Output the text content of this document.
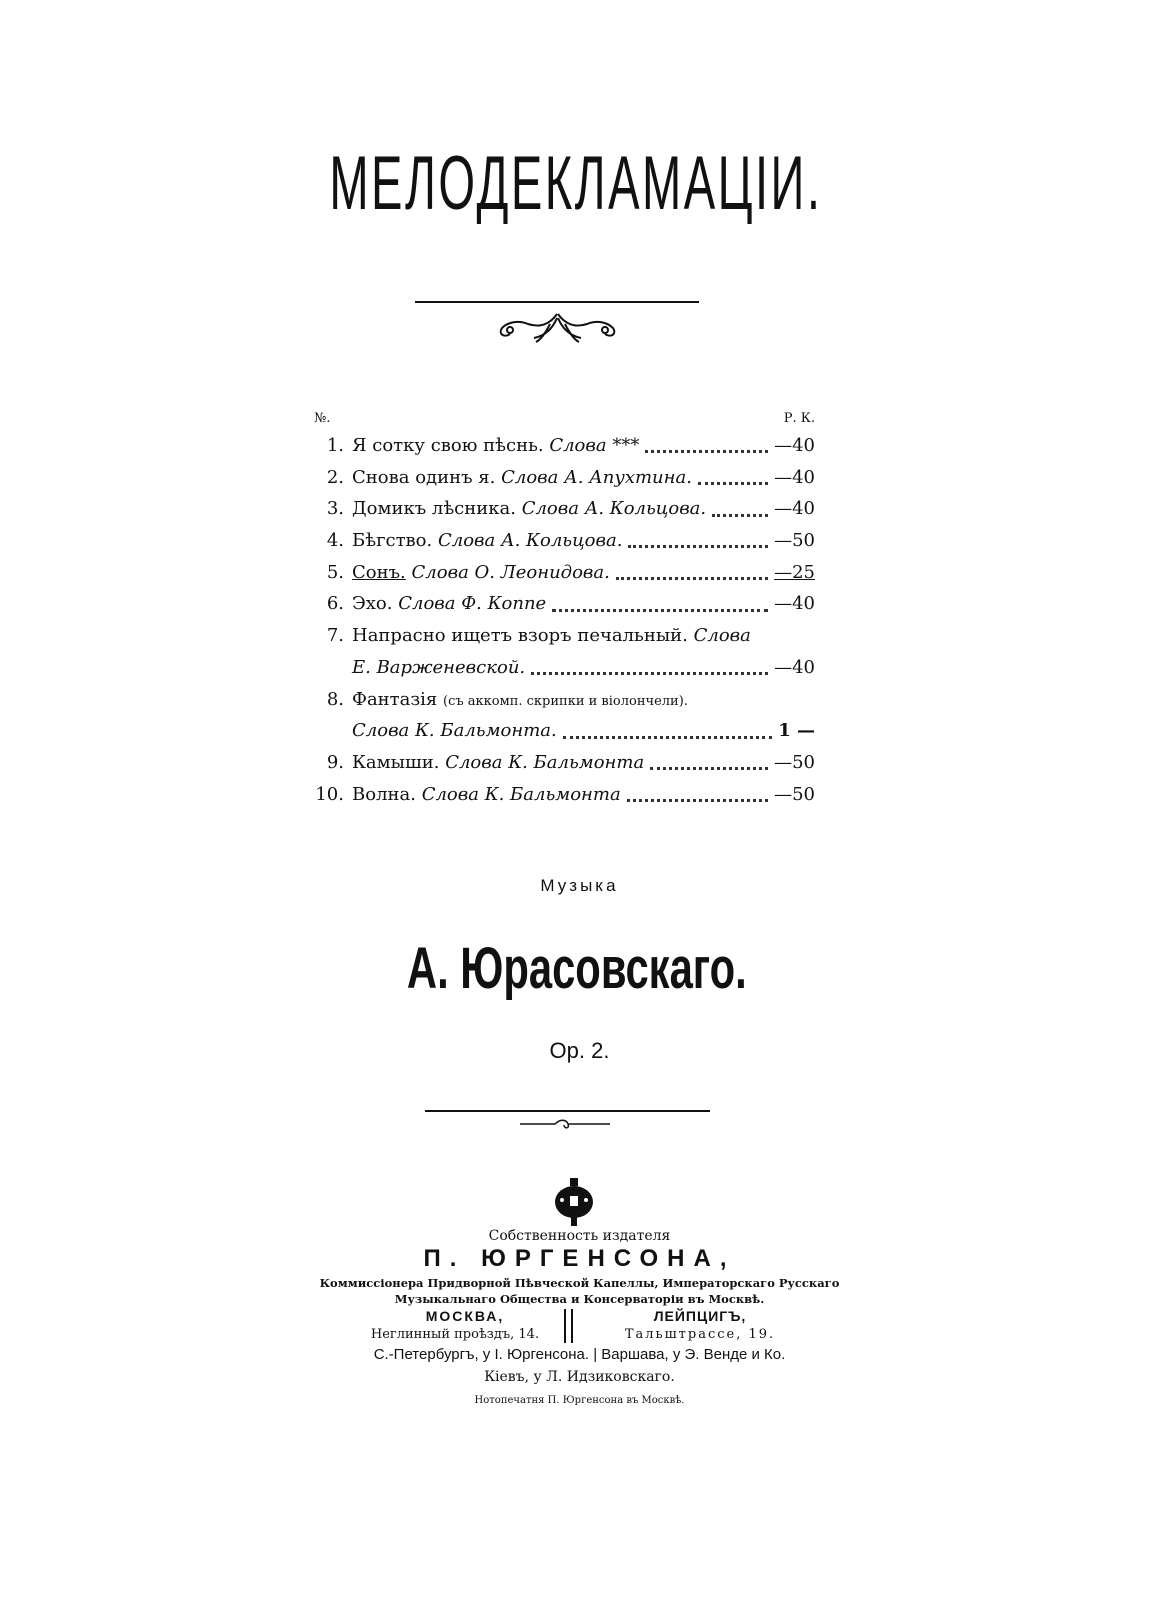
МЕЛОДЕКЛАМАЦIИ.
№.	Р. К.
1. Я сотку свою пѣснь. Слова ***	—40
2. Снова одинъ я. Слова А. Апухтина.	—40
3. Домикъ лѣсника. Слова А. Кольцова.	—40
4. Бѣгство. Слова А. Кольцова.	—50
5. Сонъ. Слова О. Леонидова.	—25
6. Эхо. Слова Ф. Коппе	—40
7. Напрасно ищетъ взоръ печальный. Слова
Е. Варженевской.	—40
8. Фантазія (съ аккомп. скрипки и віолончели).
Слова К. Бальмонта.	1 —
9. Камыши. Слова К. Бальмонта	—50
10. Волна. Слова К. Бальмонта	—50
Музыка
А. Юрасовскаго.
Op. 2.
Собственность издателя
П. ЮРГЕНСОНА,
Коммиссіонера Придворной Пѣвческой Капеллы, Императорскаго Русскаго
Музыкальнаго Общества и Консерваторіи въ Москвѣ.
МОСКВА,
Неглинный проѣздъ, 14.
ЛЕЙПЦИГЪ,
Тальштрассе, 19.
С.-Петербургъ, у I. Юргенсона. | Варшава, у Э. Венде и Ко.
Кіевъ, у Л. Идзиковскаго.
Нотопечатня П. Юргенсона въ Москвѣ.
